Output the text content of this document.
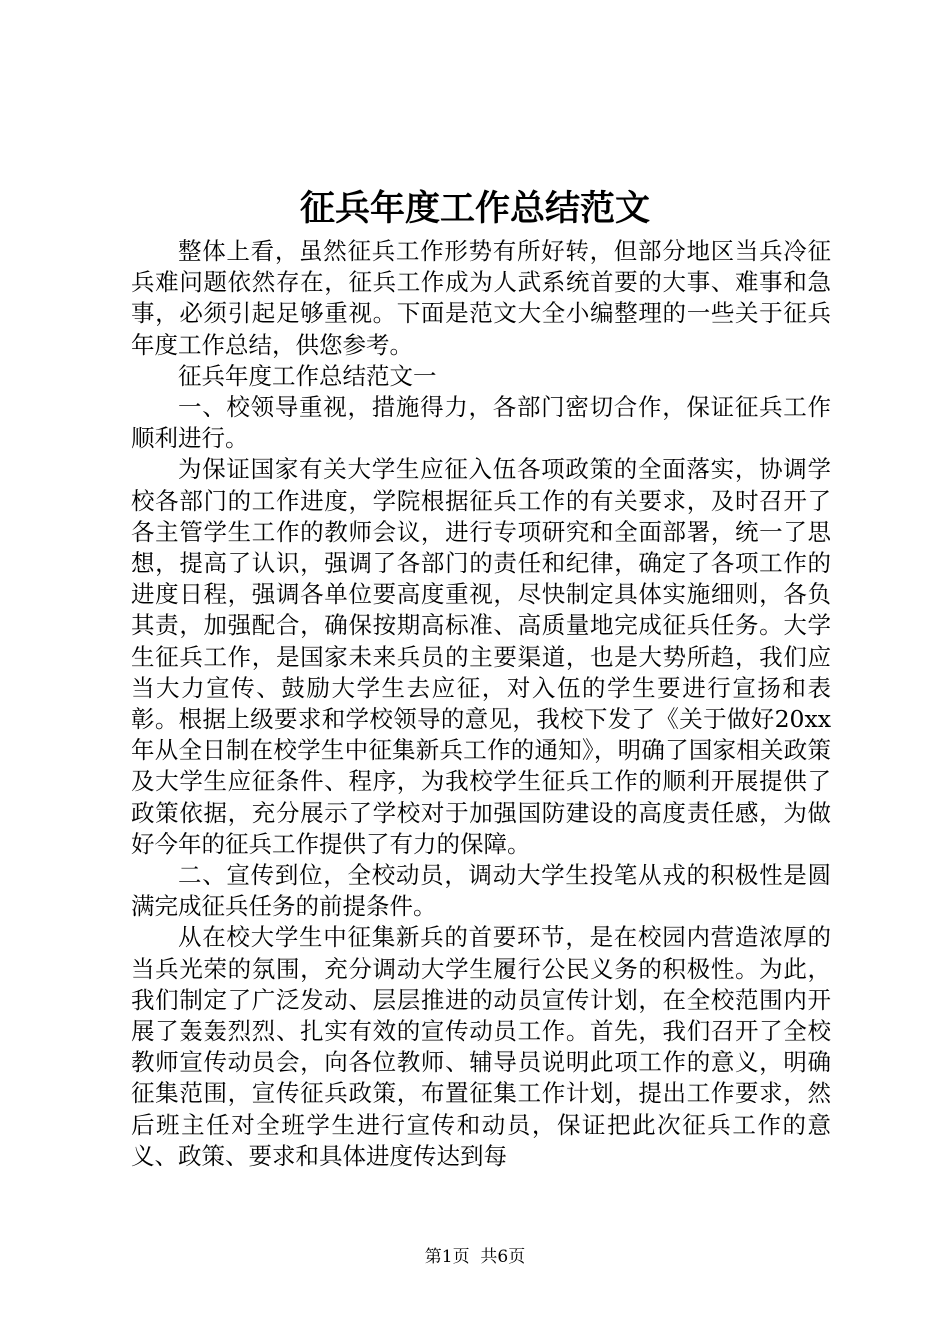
征兵年度工作总结范文

整体上看，虽然征兵工作形势有所好转，但部分地区当兵冷征兵难问题依然存在，征兵工作成为人武系统首要的大事、难事和急事，必须引起足够重视。下面是范文大全小编整理的一些关于征兵年度工作总结，供您参考。

征兵年度工作总结范文一

一、校领导重视，措施得力，各部门密切合作，保证征兵工作顺利进行。

为保证国家有关大学生应征入伍各项政策的全面落实，协调学校各部门的工作进度，学院根据征兵工作的有关要求，及时召开了各主管学生工作的教师会议，进行专项研究和全面部署，统一了思想，提高了认识，强调了各部门的责任和纪律，确定了各项工作的进度日程，强调各单位要高度重视，尽快制定具体实施细则，各负其责，加强配合，确保按期高标准、高质量地完成征兵任务。大学生征兵工作，是国家未来兵员的主要渠道，也是大势所趋，我们应当大力宣传、鼓励大学生去应征，对入伍的学生要进行宣扬和表彰。根据上级要求和学校领导的意见，我校下发了《关于做好20xx年从全日制在校学生中征集新兵工作的通知》，明确了国家相关政策及大学生应征条件、程序，为我校学生征兵工作的顺利开展提供了政策依据，充分展示了学校对于加强国防建设的高度责任感，为做好今年的征兵工作提供了有力的保障。

二、宣传到位，全校动员，调动大学生投笔从戎的积极性是圆满完成征兵任务的前提条件。

从在校大学生中征集新兵的首要环节，是在校园内营造浓厚的当兵光荣的氛围，充分调动大学生履行公民义务的积极性。为此，我们制定了广泛发动、层层推进的动员宣传计划，在全校范围内开展了轰轰烈烈、扎实有效的宣传动员工作。首先，我们召开了全校教师宣传动员会，向各位教师、辅导员说明此项工作的意义，明确征集范围，宣传征兵政策，布置征集工作计划，提出工作要求，然后班主任对全班学生进行宣传和动员，保证把此次征兵工作的意义、政策、要求和具体进度传达到每

第1页  共6页
